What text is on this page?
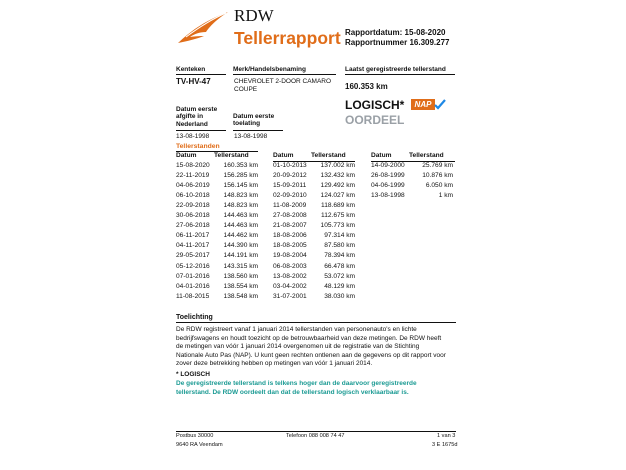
RDW
Tellerrapport Rapportdatum: 15-08-2020
Rapportnummer 16.309.277
Kenteken
TV-HV-47
Merk/Handelsbenaming
CHEVROLET 2-DOOR CAMARO
COUPE
Laatst geregistreerde tellerstand
160.353 km
Datum eerste
afgifte in
Nederland
13-08-1998
Datum eerste
toelating
13-08-1998
LOGISCH*	NAP
OORDEEL
Tellerstanden
Datum	Tellerstand
15-08-2020	160.353 km
22-11-2019	156.285 km
04-06-2019	156.145 km
06-10-2018	148.823 km
22-09-2018	148.823 km
30-06-2018	144.463 km
27-06-2018	144.463 km
06-11-2017	144.462 km
04-11-2017	144.390 km
29-05-2017	144.191 km
05-12-2016	143.315 km
07-01-2016	138.560 km
04-01-2016	138.554 km
11-08-2015	138.548 km
Datum	Tellerstand
01-10-2013	137.002 km
20-09-2012	132.432 km
15-09-2011	129.492 km
02-09-2010	124.027 km
11-08-2009	118.689 km
27-08-2008	112.675 km
21-08-2007	105.773 km
18-08-2006	97.314 km
18-08-2005	87.580 km
19-08-2004	78.394 km
06-08-2003	66.478 km
13-08-2002	53.072 km
03-04-2002	48.129 km
31-07-2001	38.030 km
Datum	Tellerstand
14-09-2000	25.769 km
26-08-1999	10.876 km
04-06-1999	6.050 km
13-08-1998	1 km
Toelichting
De RDW registreert vanaf 1 januari 2014 tellerstanden van personenauto's en lichte bedrijfswagens en houdt toezicht op de betrouwbaarheid van deze metingen. De RDW heeft de metingen van vóór 1 januari 2014 overgenomen uit de registratie van de Stichting Nationale Auto Pas (NAP). U kunt geen rechten ontlenen aan de gegevens op dit rapport voor zover deze betrekking hebben op metingen van vóór 1 januari 2014.
* LOGISCH
De geregistreerde tellerstand is telkens hoger dan de daarvoor geregistreerde tellerstand. De RDW oordeelt dan dat de tellerstand logisch verklaarbaar is.
Postbus 30000
9640 RA Veendam
Telefoon 088 008 74 47	1 van 3
3 E 1675d
